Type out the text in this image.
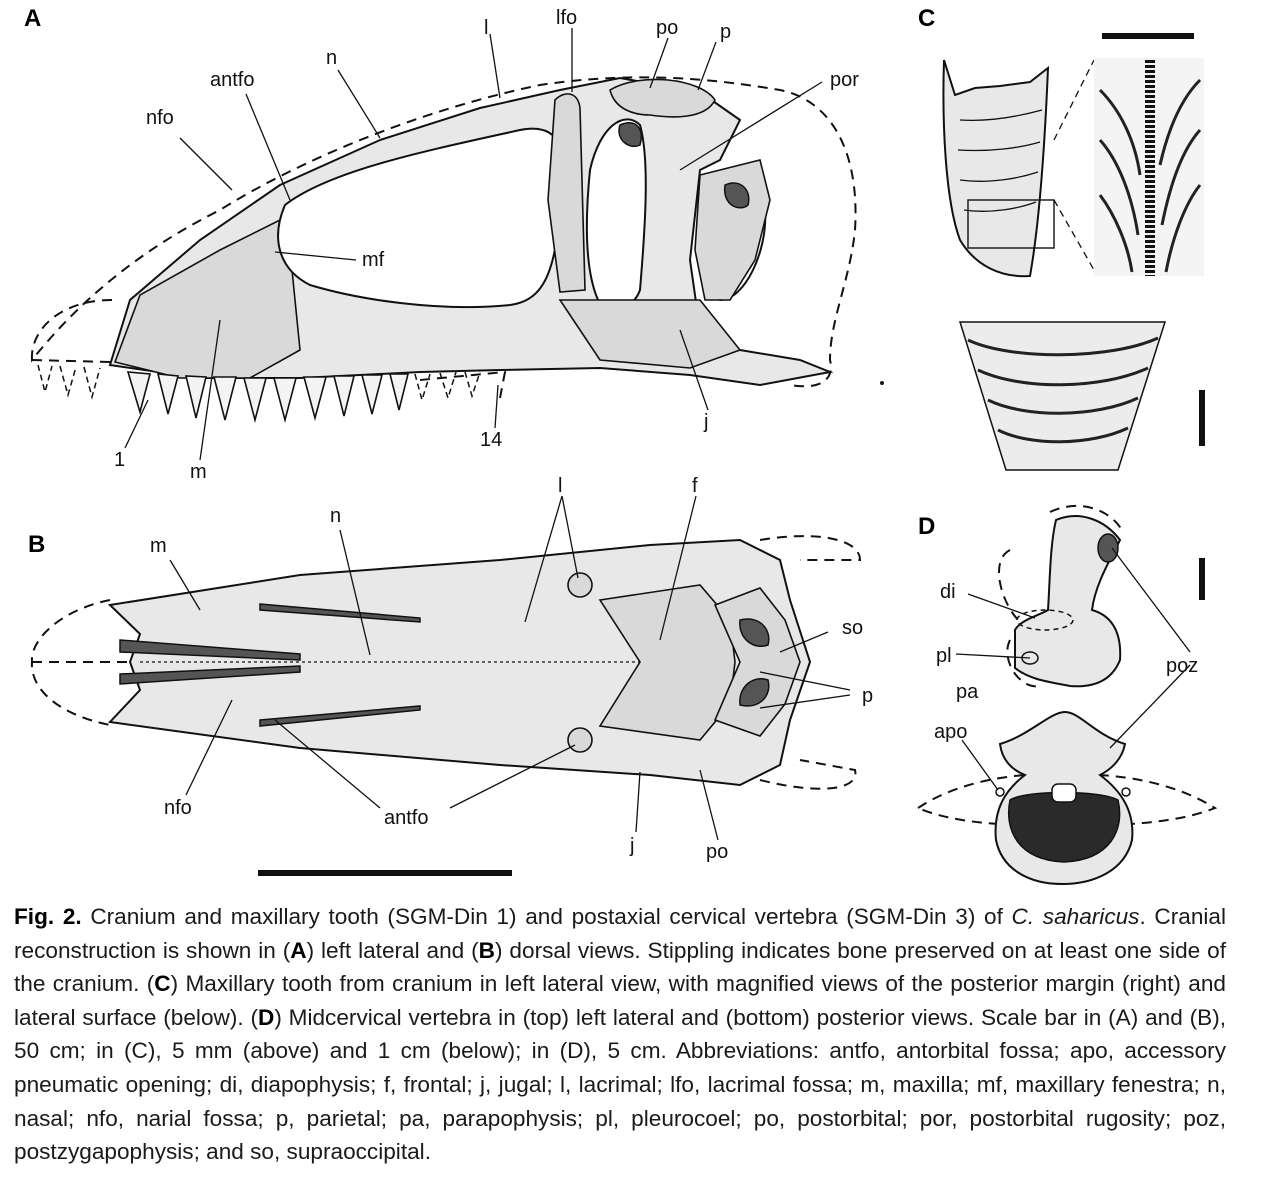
A	lfo
l	po p
antfo
n
por
nfo
mf
1
m
14
j
B	m
n
l	f
so
p
nfo	antfo
j	po
C
D
di
pl
pa
poz
apo
Fig. 2. Cranium and maxillary tooth (SGM-Din 1) and postaxial cervical vertebra (SGM-Din 3) of C. saharicus. Cranial reconstruction is shown in (A) left lateral and (B) dorsal views. Stippling indicates bone preserved on at least one side of the cranium. (C) Maxillary tooth from cranium in left lateral view, with magnified views of the posterior margin (right) and lateral surface (below). (D) Midcervical vertebra in (top) left lateral and (bottom) posterior views. Scale bar in (A) and (B), 50 cm; in (C), 5 mm (above) and 1 cm (below); in (D), 5 cm. Abbreviations: antfo, antorbital fossa; apo, accessory pneumatic opening; di, diapophysis; f, frontal; j, jugal; l, lacrimal; lfo, lacrimal fossa; m, maxilla; mf, maxillary fenestra; n, nasal; nfo, narial fossa; p, parietal; pa, parapophysis; pl, pleurocoel; po, postorbital; por, postorbital rugosity; poz, postzygapophysis; and so, supraoccipital.
